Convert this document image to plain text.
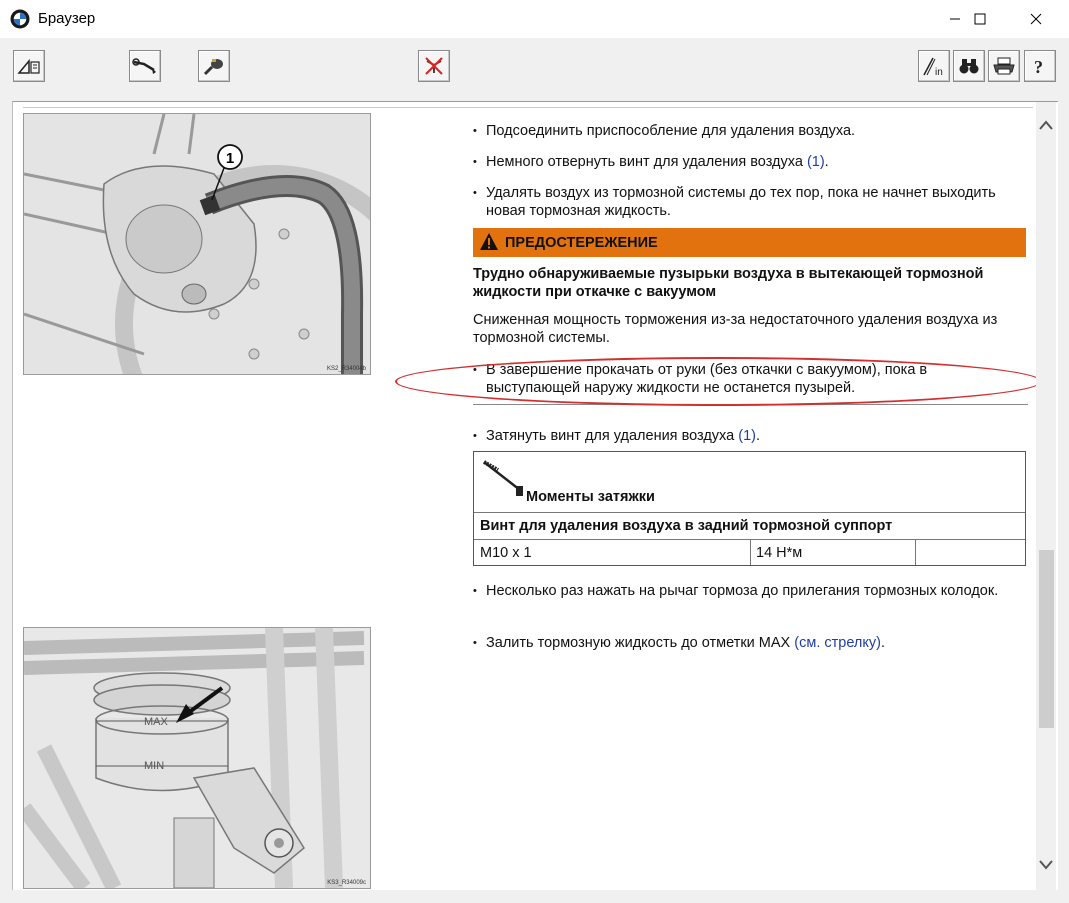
Браузер
in	?
1
KS2_R34004b
MAX
MIN
KS3_R34009c
• Подсоединить приспособление для удаления воздуха.
• Немного отвернуть винт для удаления воздуха (1).
• Удалять воздух из тормозной системы до тех пор, пока не начнет выходить новая тормозная жидкость.
ПРЕДОСТЕРЕЖЕНИЕ
Трудно обнаруживаемые пузырьки воздуха в вытекающей тормозной жидкости при откачке с вакуумом
Сниженная мощность торможения из-за недостаточного удаления воздуха из тормозной системы.
• В завершение прокачать от руки (без откачки с вакуумом), пока в выступающей наружу жидкости не останется пузырей.
• Затянуть винт для удаления воздуха (1).
Моменты затяжки
Винт для удаления воздуха в задний тормозной суппорт
M10 x 1	14 Н*м
• Несколько раз нажать на рычаг тормоза до прилегания тормозных колодок.
• Залить тормозную жидкость до отметки MAX (см. стрелку).
